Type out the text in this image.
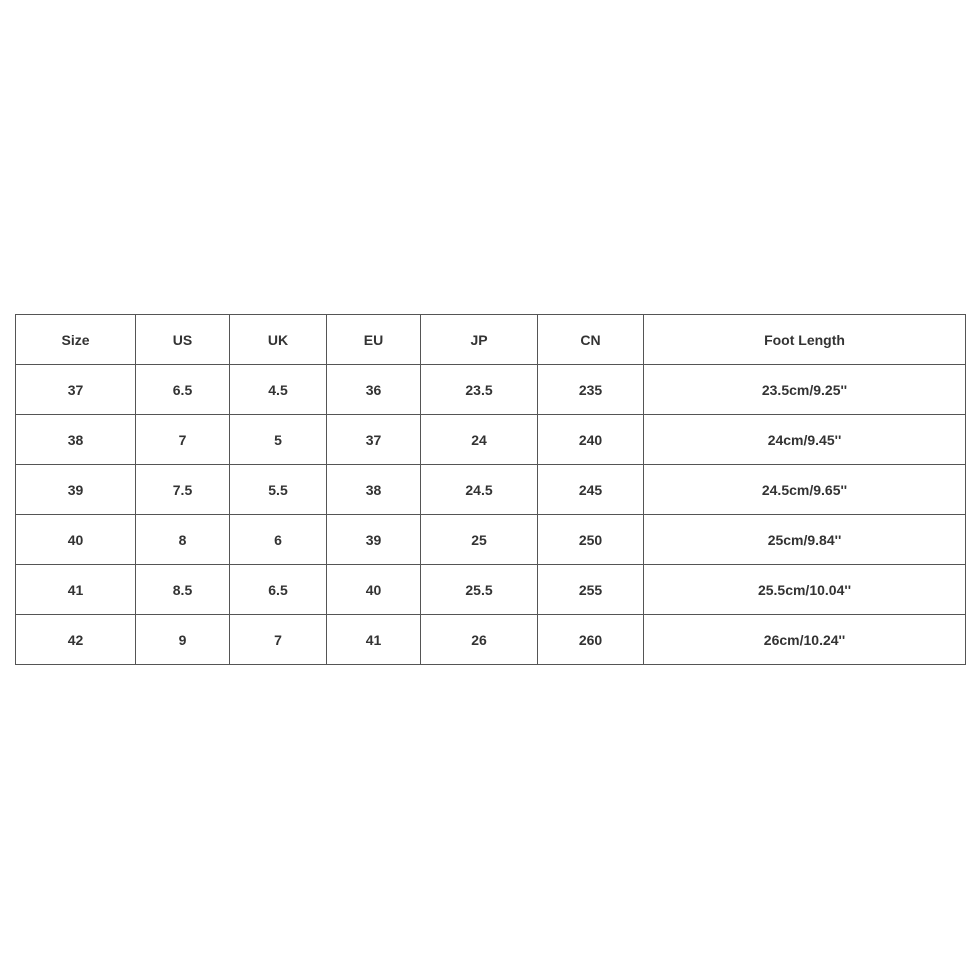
Size	US	UK	EU	JP	CN	Foot Length
37	6.5	4.5	36	23.5	235	23.5cm/9.25''
38	7	5	37	24	240	24cm/9.45''
39	7.5	5.5	38	24.5	245	24.5cm/9.65''
40	8	6	39	25	250	25cm/9.84''
41	8.5	6.5	40	25.5	255	25.5cm/10.04''
42	9	7	41	26	260	26cm/10.24''
